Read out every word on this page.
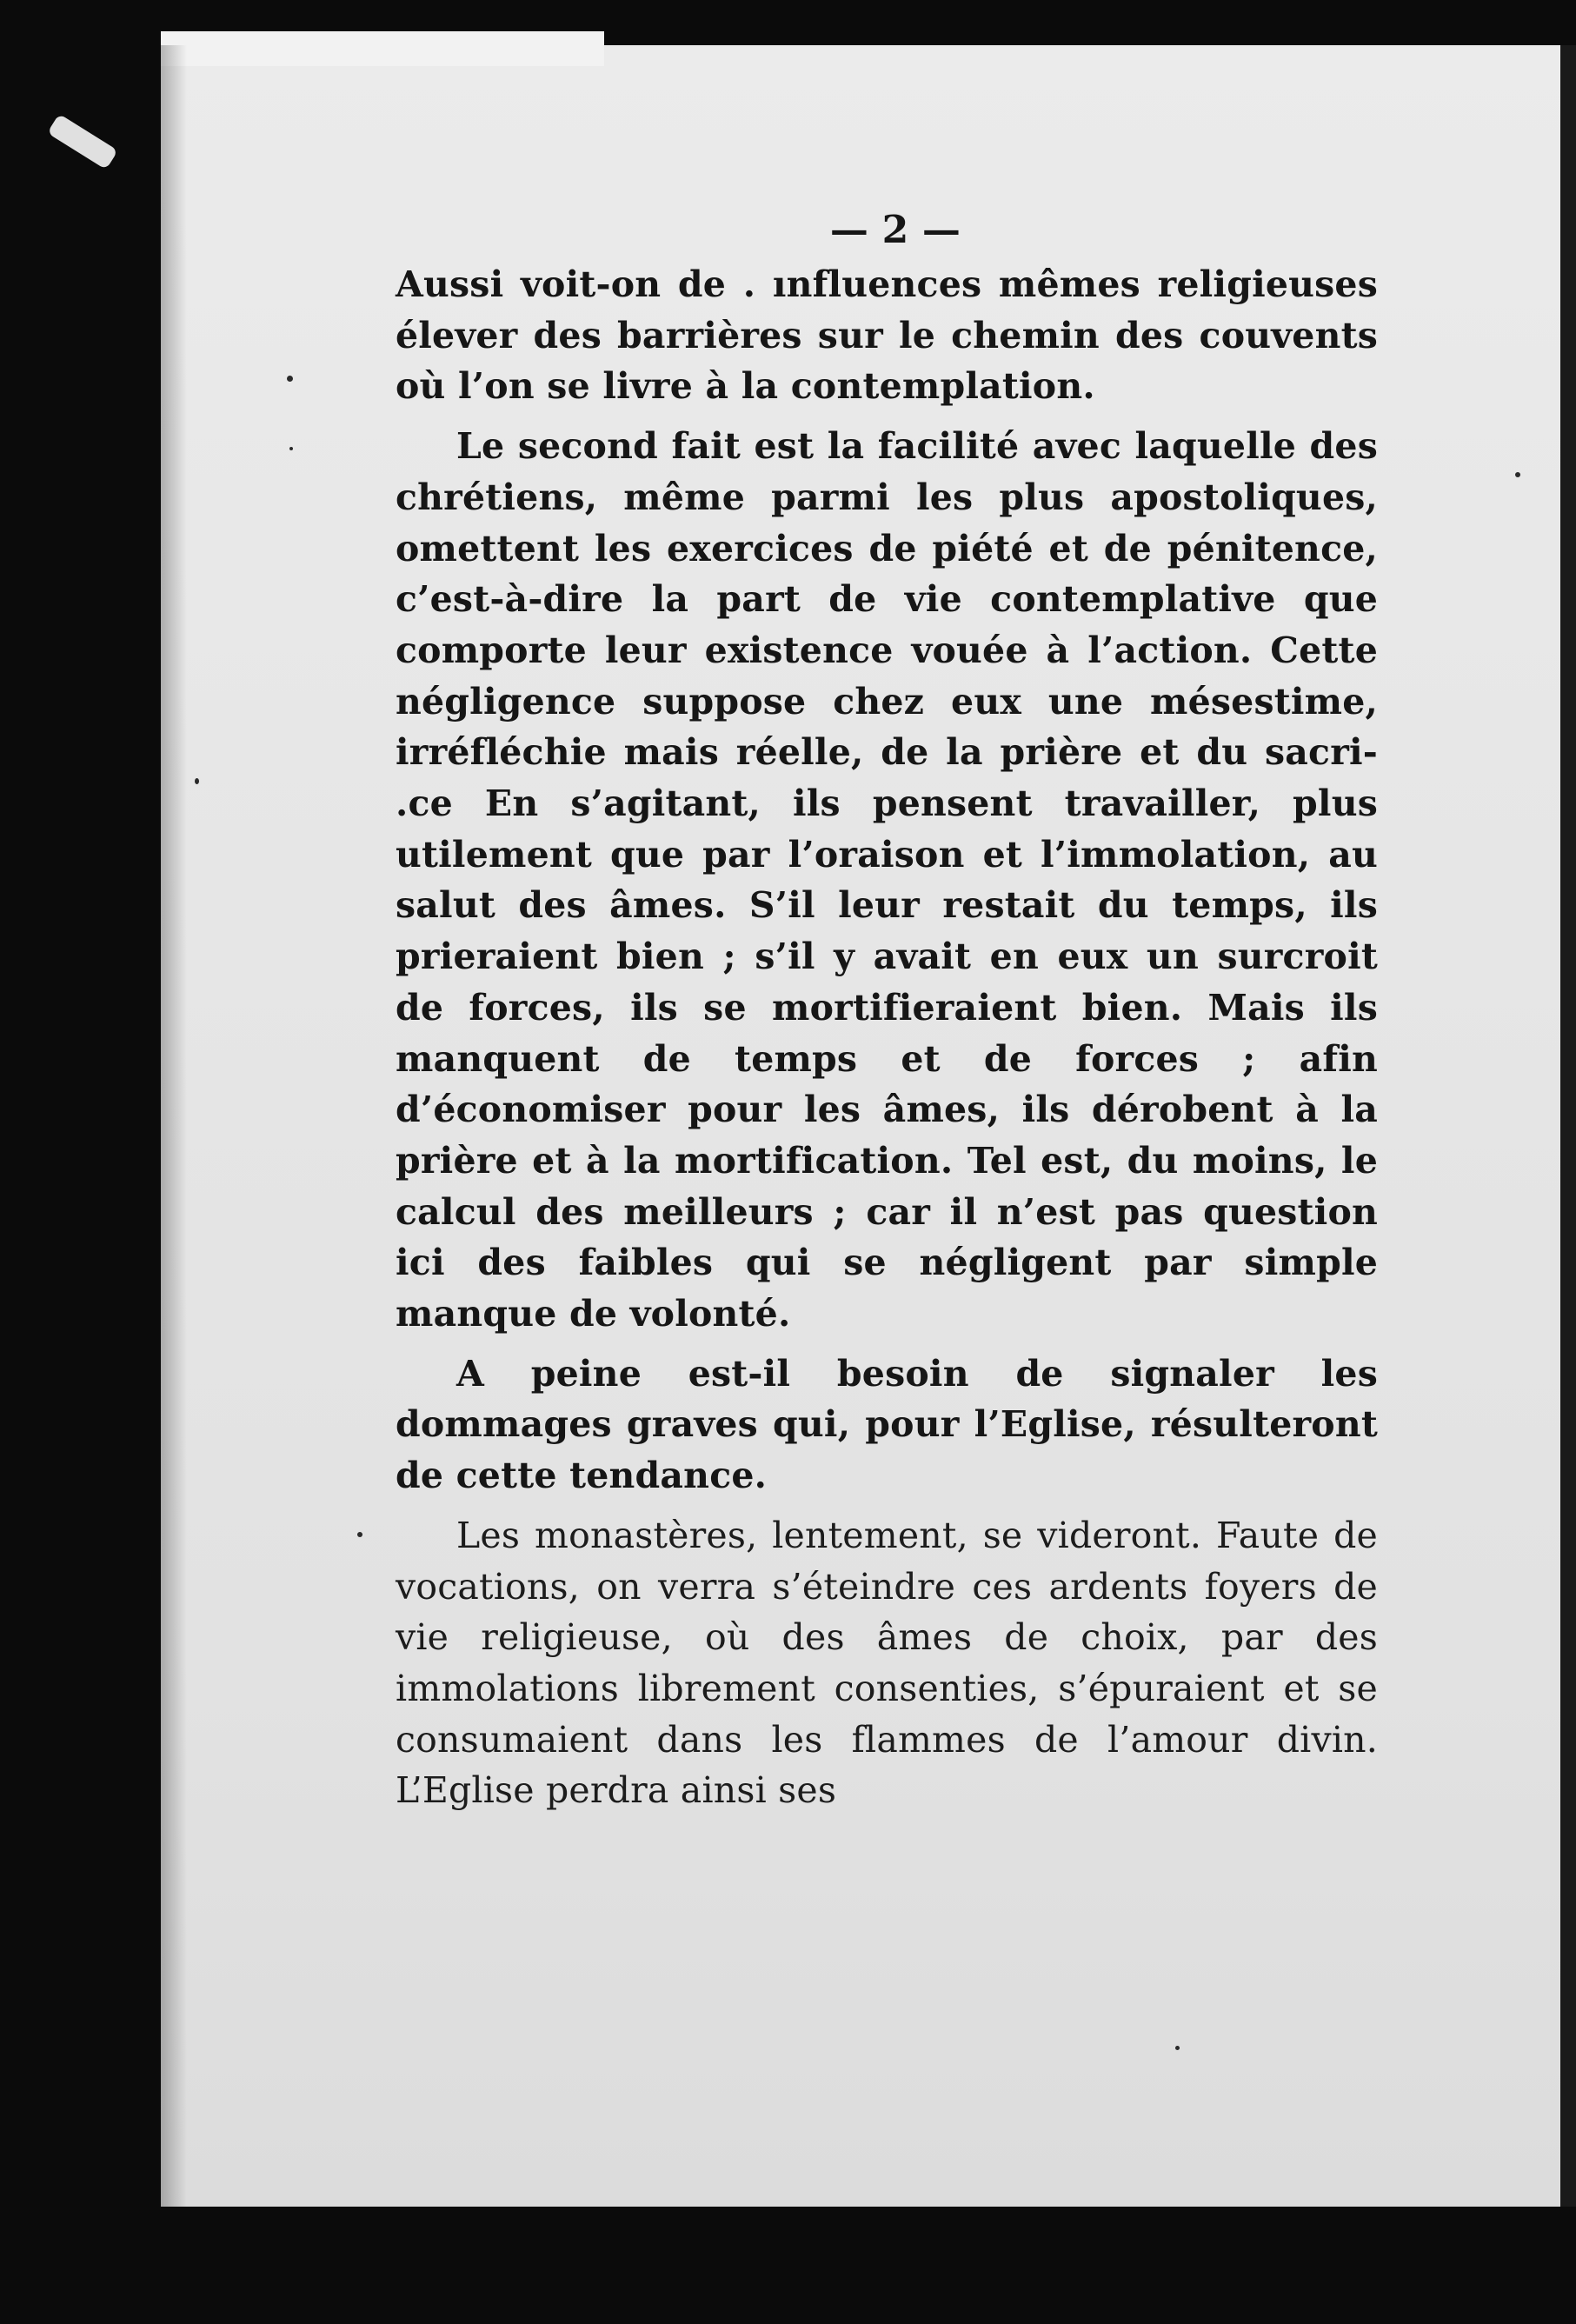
— 2 —

Aussi voit-on de . ınfluences mêmes religieuses élever des barrières sur le chemin des couvents où l’on se livre à la contemplation.

Le second fait est la facilité avec laquelle des chrétiens, même parmi les plus apostoliques, omettent les exercices de piété et de pénitence, c’est-à-dire la part de vie contemplative que comporte leur existence vouée à l’action. Cette négligence suppose chez eux une mésestime, irréfléchie mais réelle, de la prière et du sacri- .ce En s’agitant, ils pensent travailler, plus utilement que par l’oraison et l’immolation, au salut des âmes. S’il leur restait du temps, ils prieraient bien ; s’il y avait en eux un surcroit de forces, ils se mortifieraient bien. Mais ils manquent de temps et de forces ; afin d’économiser pour les âmes, ils dérobent à la prière et à la mortification. Tel est, du moins, le calcul des meilleurs ; car il n’est pas question ici des faibles qui se négligent par simple manque de volonté.

A peine est-il besoin de signaler les dommages graves qui, pour l’Eglise, résulteront de cette tendance.

Les monastères, lentement, se videront. Faute de vocations, on verra s’éteindre ces ardents foyers de vie religieuse, où des âmes de choix, par des immolations librement consenties, s’épuraient et se consumaient dans les flammes de l’amour divin. L’Eglise perdra ainsi ses
